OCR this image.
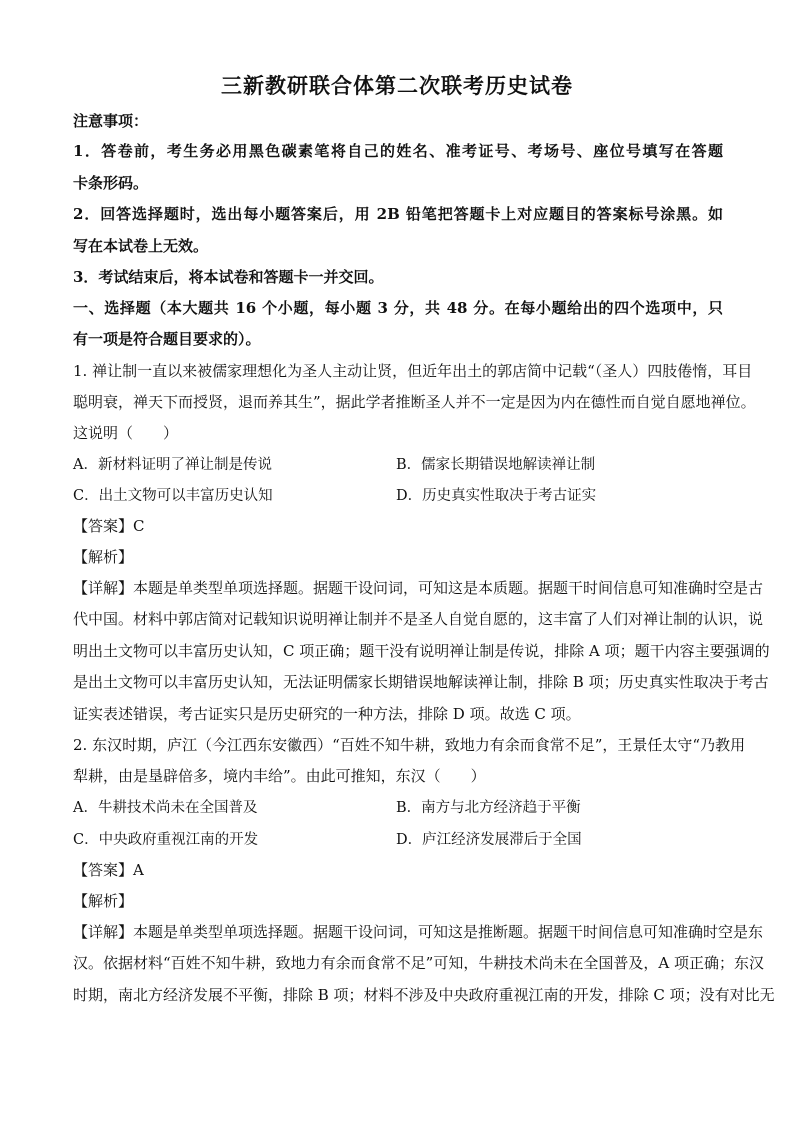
三新教研联合体第二次联考历史试卷
注意事项：
1．答卷前，考生务必用黑色碳素笔将自己的姓名、准考证号、考场号、座位号填写在答题
卡条形码。
2．回答选择题时，选出每小题答案后，用 2B 铅笔把答题卡上对应题目的答案标号涂黑。如
写在本试卷上无效。
3．考试结束后，将本试卷和答题卡一并交回。
一、选择题（本大题共 16 个小题，每小题 3 分，共 48 分。在每小题给出的四个选项中，只
有一项是符合题目要求的）。
1. 禅让制一直以来被儒家理想化为圣人主动让贤，但近年出土的郭店简中记载“（圣人）四肢倦惰，耳目
聪明衰，禅天下而授贤，退而养其生”，据此学者推断圣人并不一定是因为内在德性而自觉自愿地禅位。
这说明（　　）
A．新材料证明了禅让制是传说	B．儒家长期错误地解读禅让制
C．出土文物可以丰富历史认知	D．历史真实性取决于考古证实
【答案】C
【解析】
【详解】本题是单类型单项选择题。据题干设问词，可知这是本质题。据题干时间信息可知准确时空是古
代中国。材料中郭店简对记载知识说明禅让制并不是圣人自觉自愿的，这丰富了人们对禅让制的认识，说
明出土文物可以丰富历史认知，C 项正确；题干没有说明禅让制是传说，排除 A 项；题干内容主要强调的
是出土文物可以丰富历史认知，无法证明儒家长期错误地解读禅让制，排除 B 项；历史真实性取决于考古
证实表述错误，考古证实只是历史研究的一种方法，排除 D 项。故选 C 项。
2. 东汉时期，庐江（今江西东安徽西）“百姓不知牛耕，致地力有余而食常不足”，王景任太守“乃教用
犁耕，由是垦辟倍多，境内丰给”。由此可推知，东汉（　　）
A．牛耕技术尚未在全国普及	B．南方与北方经济趋于平衡
C．中央政府重视江南的开发	D．庐江经济发展滞后于全国
【答案】A
【解析】
【详解】本题是单类型单项选择题。据题干设问词，可知这是推断题。据题干时间信息可知准确时空是东
汉。依据材料“百姓不知牛耕，致地力有余而食常不足”可知，牛耕技术尚未在全国普及，A 项正确；东汉
时期，南北方经济发展不平衡，排除 B 项；材料不涉及中央政府重视江南的开发，排除 C 项；没有对比无
